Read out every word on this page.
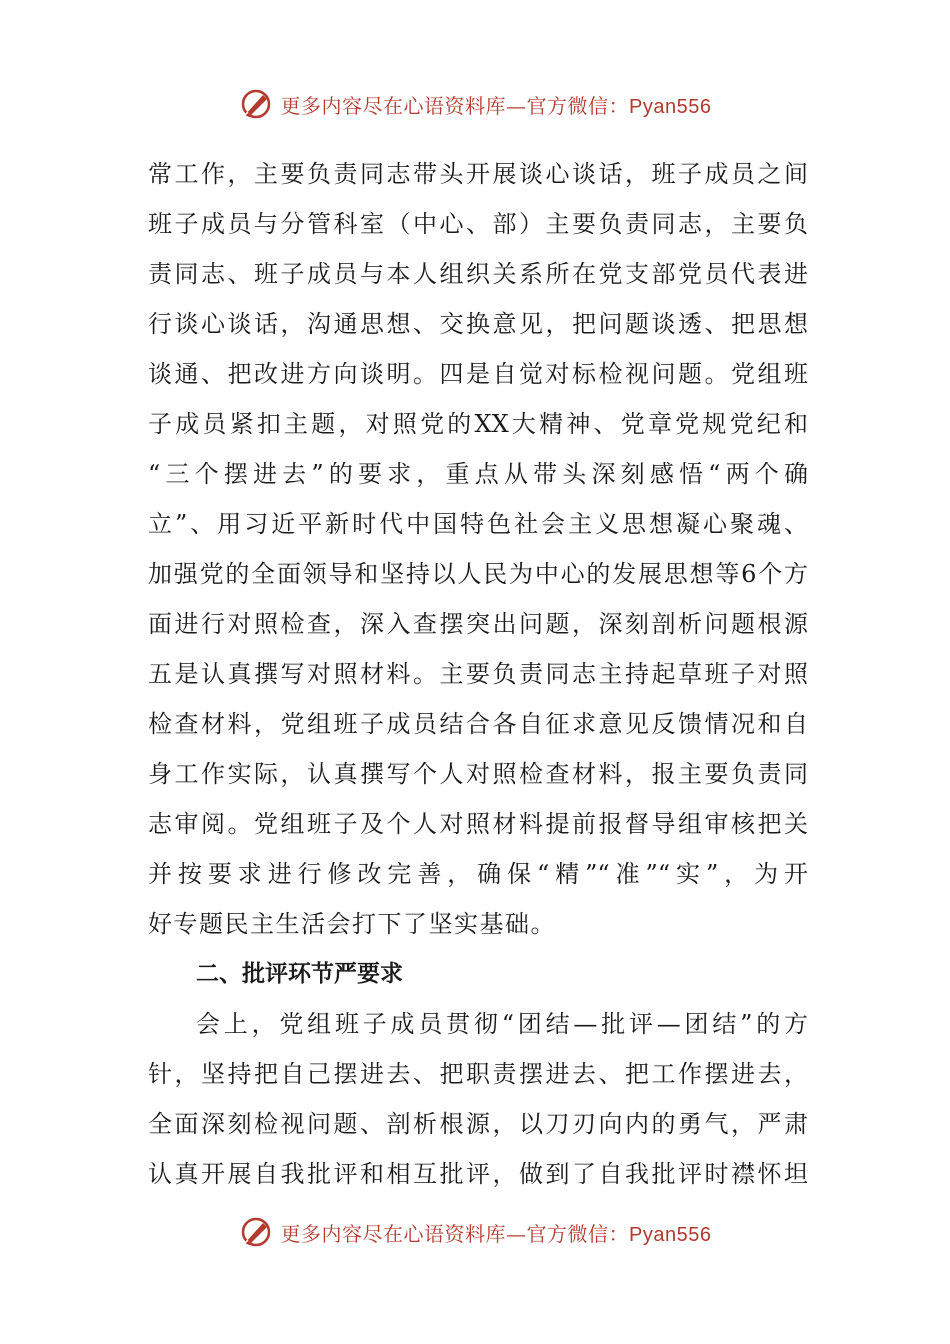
更多内容尽在心语资料库—官方微信：Pyan556
常工作，主要负责同志带头开展谈心谈话，班子成员之间
班子成员与分管科室（中心、部）主要负责同志，主要负
责同志、班子成员与本人组织关系所在党支部党员代表进
行谈心谈话，沟通思想、交换意见，把问题谈透、把思想
谈通、把改进方向谈明。四是自觉对标检视问题。党组班
子成员紧扣主题，对照党的XX大精神、党章党规党纪和
“三个摆进去”的要求，重点从带头深刻感悟“两个确
立”、用习近平新时代中国特色社会主义思想凝心聚魂、
加强党的全面领导和坚持以人民为中心的发展思想等6个方
面进行对照检查，深入查摆突出问题，深刻剖析问题根源
五是认真撰写对照材料。主要负责同志主持起草班子对照
检查材料，党组班子成员结合各自征求意见反馈情况和自
身工作实际，认真撰写个人对照检查材料，报主要负责同
志审阅。党组班子及个人对照材料提前报督导组审核把关
并按要求进行修改完善，确保“精”“准”“实”，为开
好专题民主生活会打下了坚实基础。
二、批评环节严要求
会上，党组班子成员贯彻“团结—批评—团结”的方
针，坚持把自己摆进去、把职责摆进去、把工作摆进去，
全面深刻检视问题、剖析根源，以刀刃向内的勇气，严肃
认真开展自我批评和相互批评，做到了自我批评时襟怀坦
更多内容尽在心语资料库—官方微信：Pyan556
